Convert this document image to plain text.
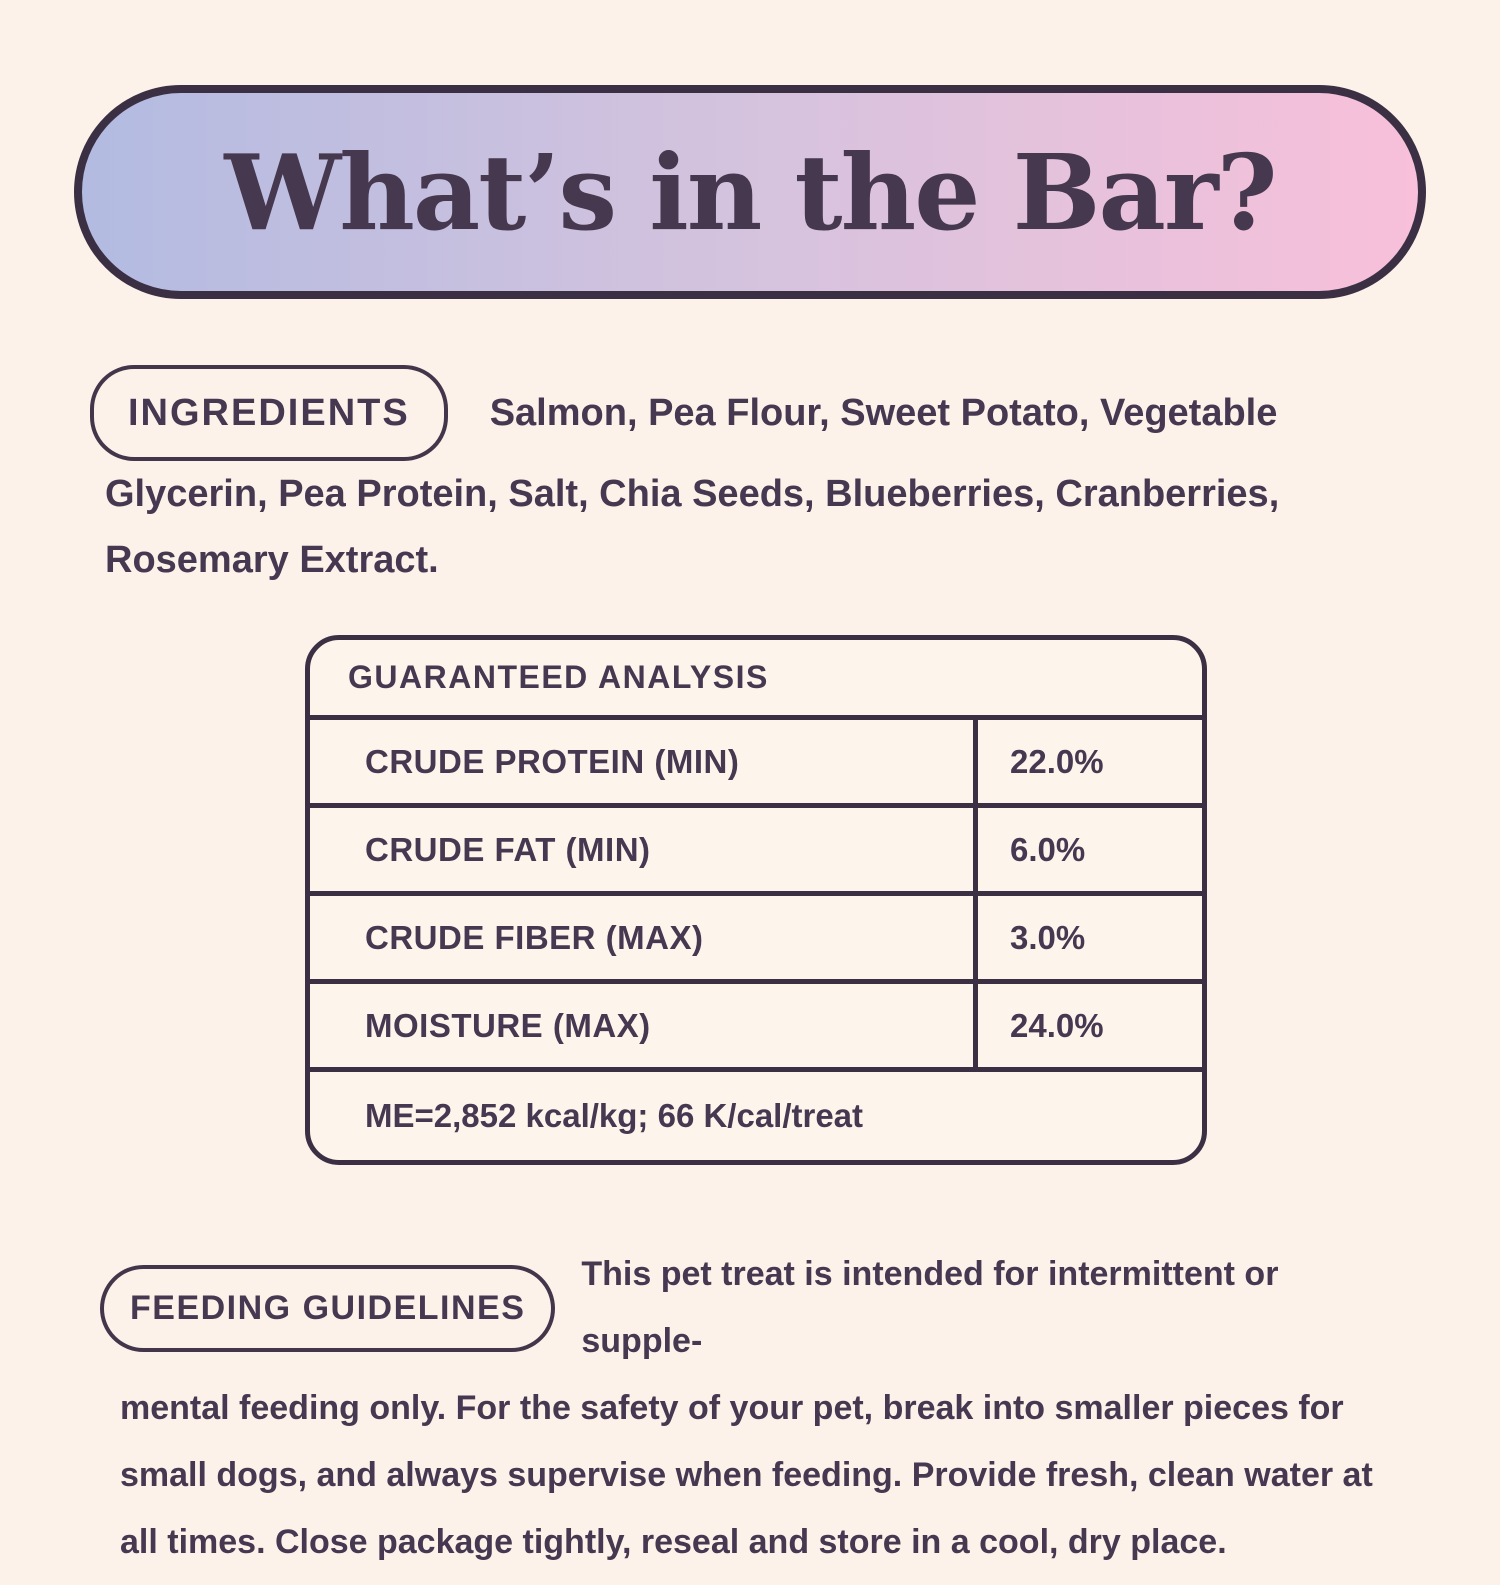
What’s in the Bar?
INGREDIENTS	Salmon, Pea Flour, Sweet Potato, Vegetable
Glycerin, Pea Protein, Salt, Chia Seeds, Blueberries, Cranberries,
Rosemary Extract.
GUARANTEED ANALYSIS
CRUDE PROTEIN (MIN)	22.0%
CRUDE FAT (MIN)	6.0%
CRUDE FIBER (MAX)	3.0%
MOISTURE (MAX)	24.0%
ME=2,852 kcal/kg; 66 K/cal/treat
FEEDING GUIDELINES
This pet treat is intended for intermittent or supple-
mental feeding only. For the safety of your pet, break into smaller pieces for
small dogs, and always supervise when feeding. Provide fresh, clean water at
all times. Close package tightly, reseal and store in a cool, dry place.
